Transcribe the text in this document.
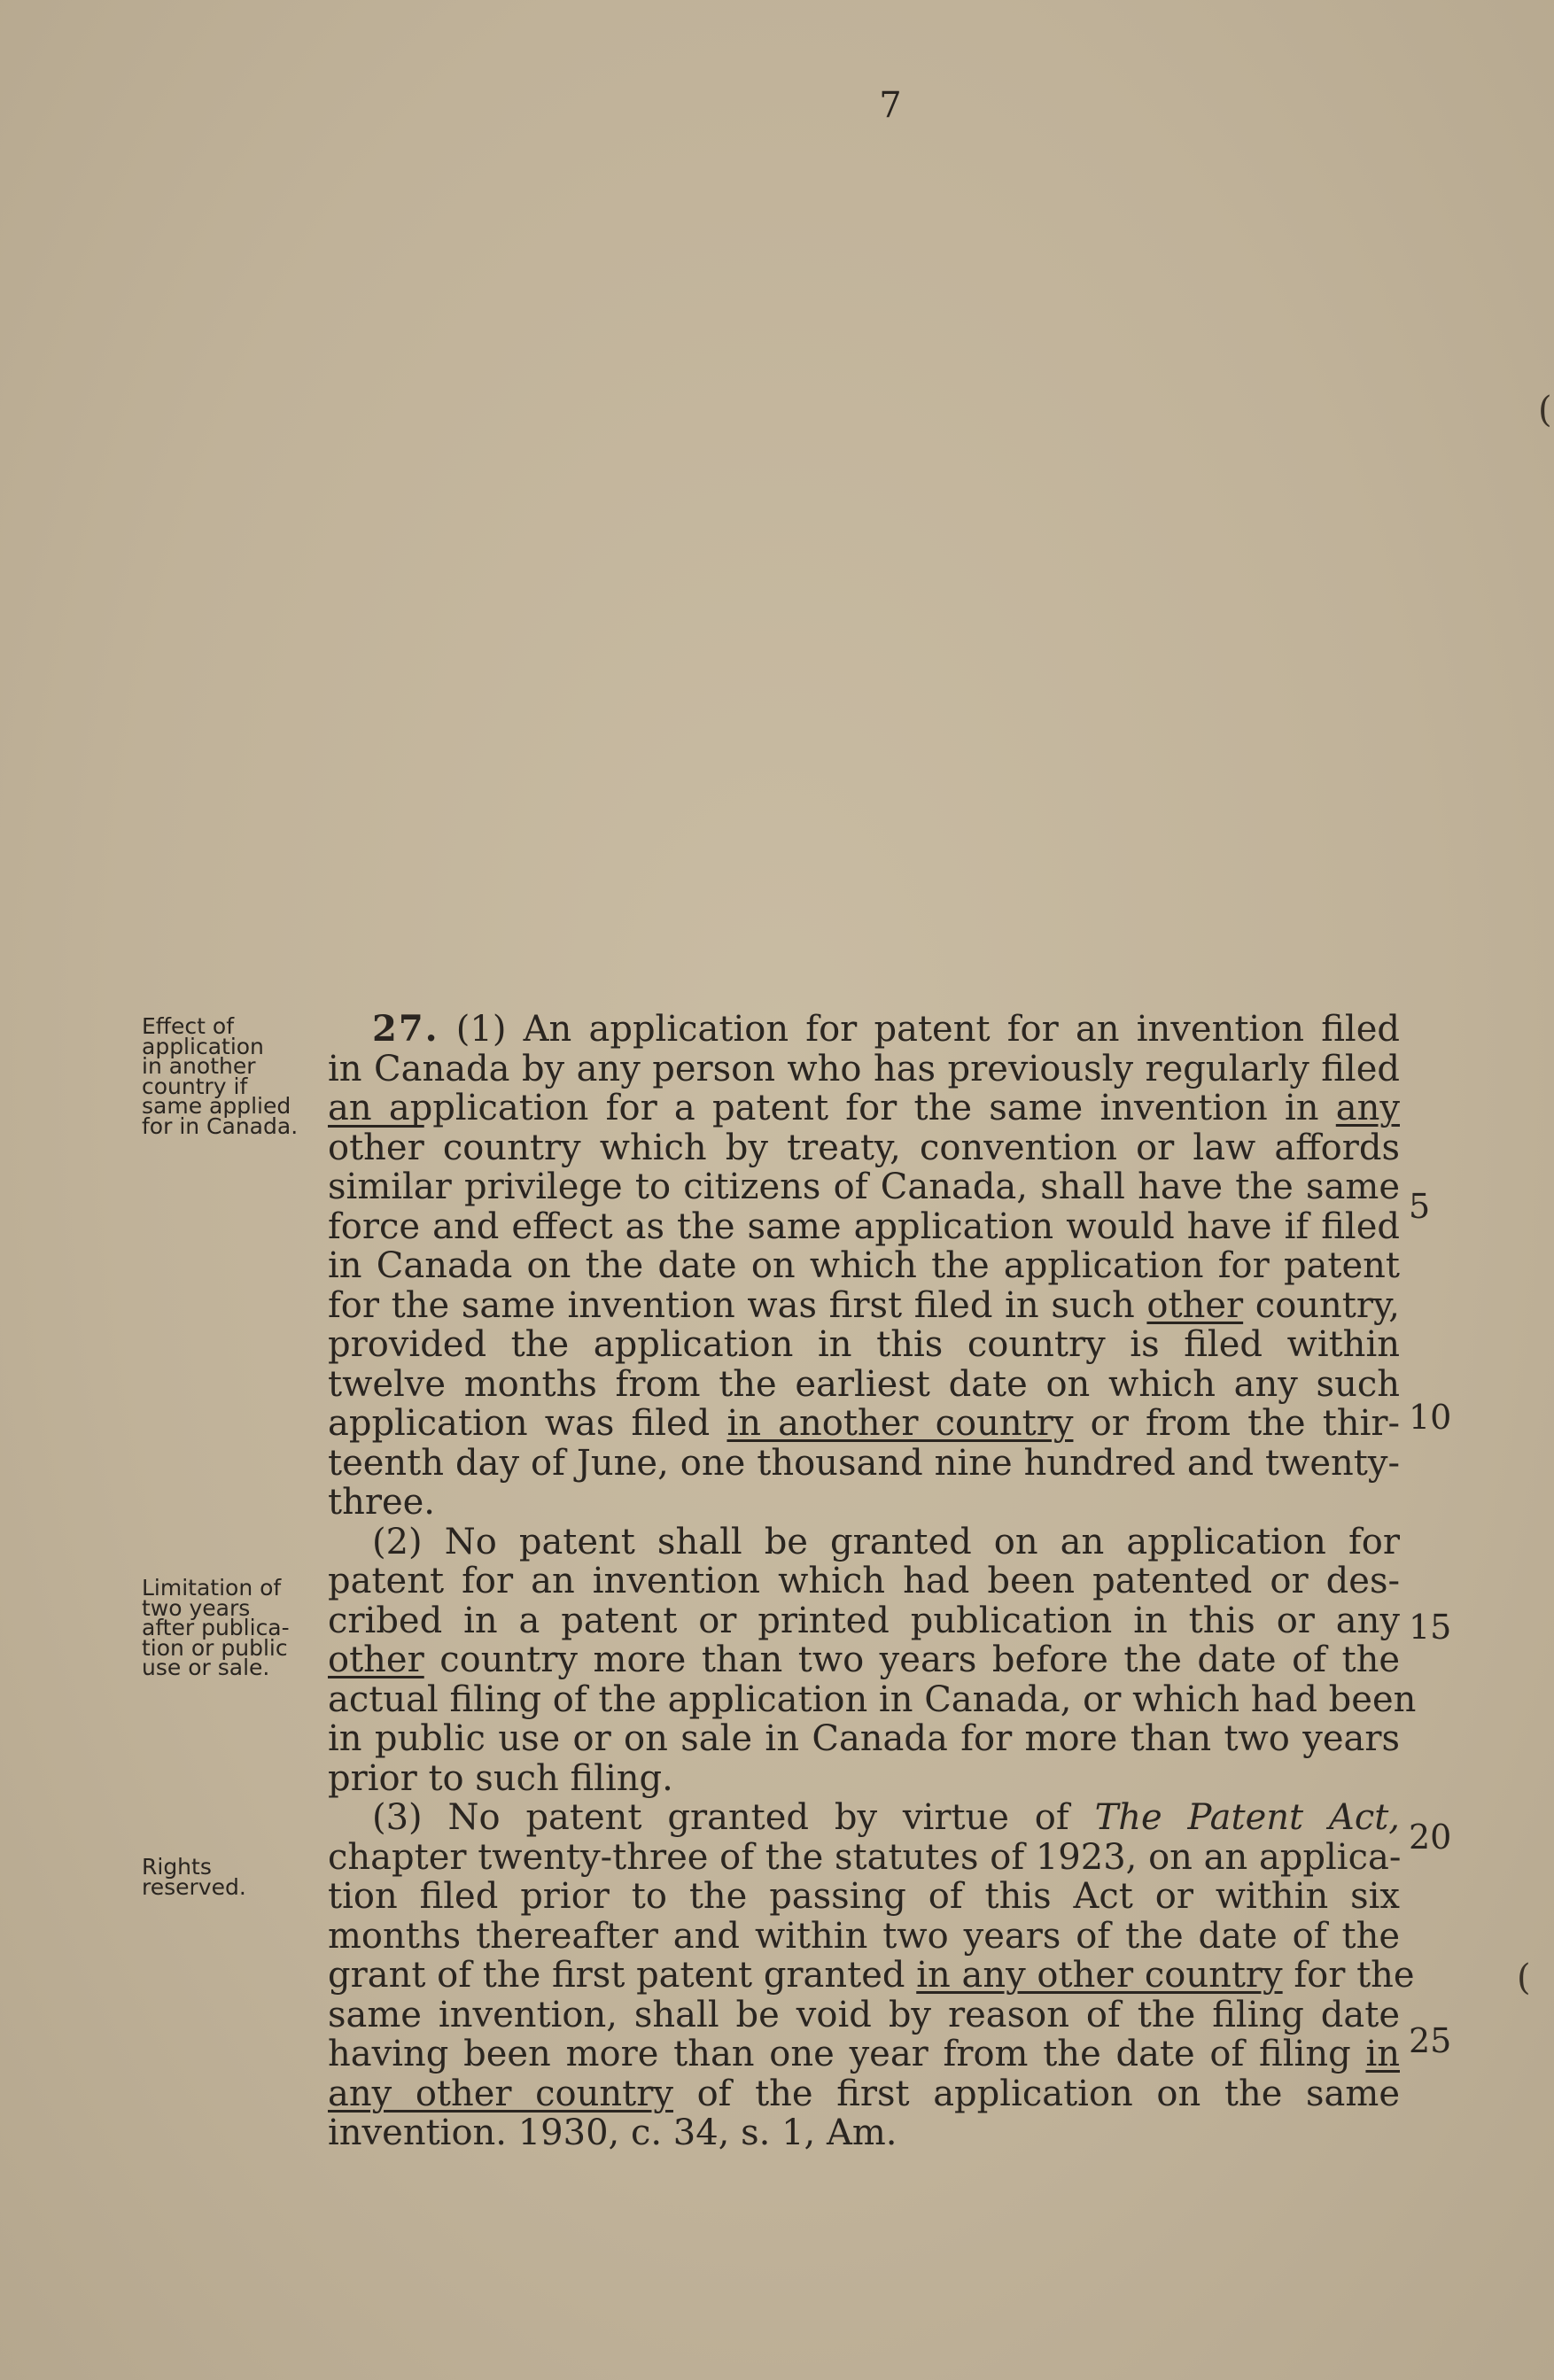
7
Effect of
application
in another
country if
same applied
for in Canada.
Limitation of
two years
after publica-
tion or public
use or sale.
Rights
reserved.
27. (1) An application for patent for an invention filed
in Canada by any person who has previously regularly filed
an application for a patent for the same invention in any
other country which by treaty, convention or law affords
similar privilege to citizens of Canada, shall have the same
force and effect as the same application would have if filed
in Canada on the date on which the application for patent
for the same invention was first filed in such other country,
provided the application in this country is filed within
twelve months from the earliest date on which any such
application was filed in another country or from the thir-
teenth day of June, one thousand nine hundred and twenty-
three.
(2) No patent shall be granted on an application for
patent for an invention which had been patented or des-
cribed in a patent or printed publication in this or any
other country more than two years before the date of the
actual filing of the application in Canada, or which had been
in public use or on sale in Canada for more than two years
prior to such filing.
(3) No patent granted by virtue of The Patent Act,
chapter twenty-three of the statutes of 1923, on an applica-
tion filed prior to the passing of this Act or within six
months thereafter and within two years of the date of the
grant of the first patent granted in any other country for the
same invention, shall be void by reason of the filing date
having been more than one year from the date of filing in
any other country of the first application on the same
invention. 1930, c. 34, s. 1, Am.
5
10
15
20
25
(
(
